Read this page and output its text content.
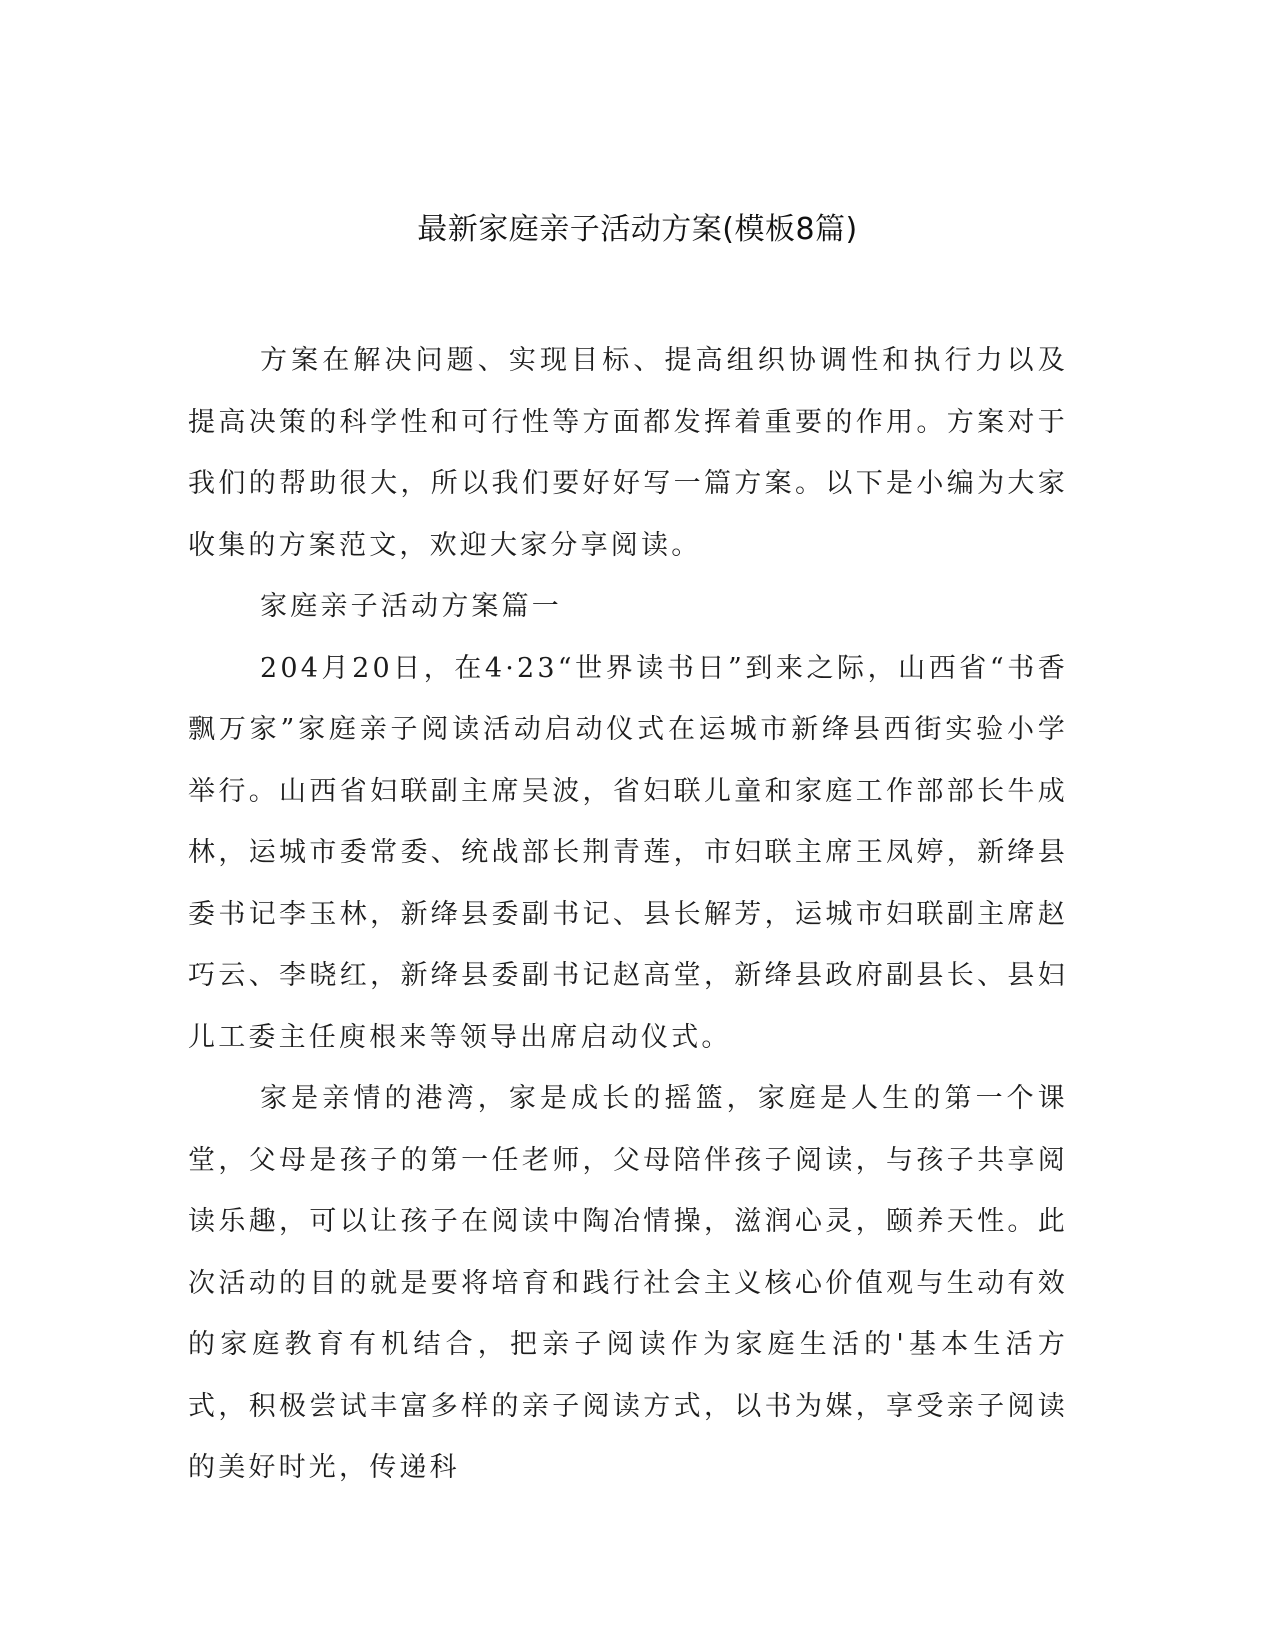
最新家庭亲子活动方案(模板8篇)

方案在解决问题、实现目标、提高组织协调性和执行力以及提高决策的科学性和可行性等方面都发挥着重要的作用。方案对于我们的帮助很大，所以我们要好好写一篇方案。以下是小编为大家收集的方案范文，欢迎大家分享阅读。

家庭亲子活动方案篇一

204月20日，在4·23“世界读书日”到来之际，山西省“书香飘万家”家庭亲子阅读活动启动仪式在运城市新绛县西街实验小学举行。山西省妇联副主席吴波，省妇联儿童和家庭工作部部长牛成林，运城市委常委、统战部长荆青莲，市妇联主席王凤婷，新绛县委书记李玉林，新绛县委副书记、县长解芳，运城市妇联副主席赵巧云、李晓红，新绛县委副书记赵高堂，新绛县政府副县长、县妇儿工委主任庾根来等领导出席启动仪式。

家是亲情的港湾，家是成长的摇篮，家庭是人生的第一个课堂，父母是孩子的第一任老师，父母陪伴孩子阅读，与孩子共享阅读乐趣，可以让孩子在阅读中陶冶情操，滋润心灵，颐养天性。此次活动的目的就是要将培育和践行社会主义核心价值观与生动有效的家庭教育有机结合，把亲子阅读作为家庭生活的'基本生活方式，积极尝试丰富多样的亲子阅读方式，以书为媒，享受亲子阅读的美好时光，传递科
